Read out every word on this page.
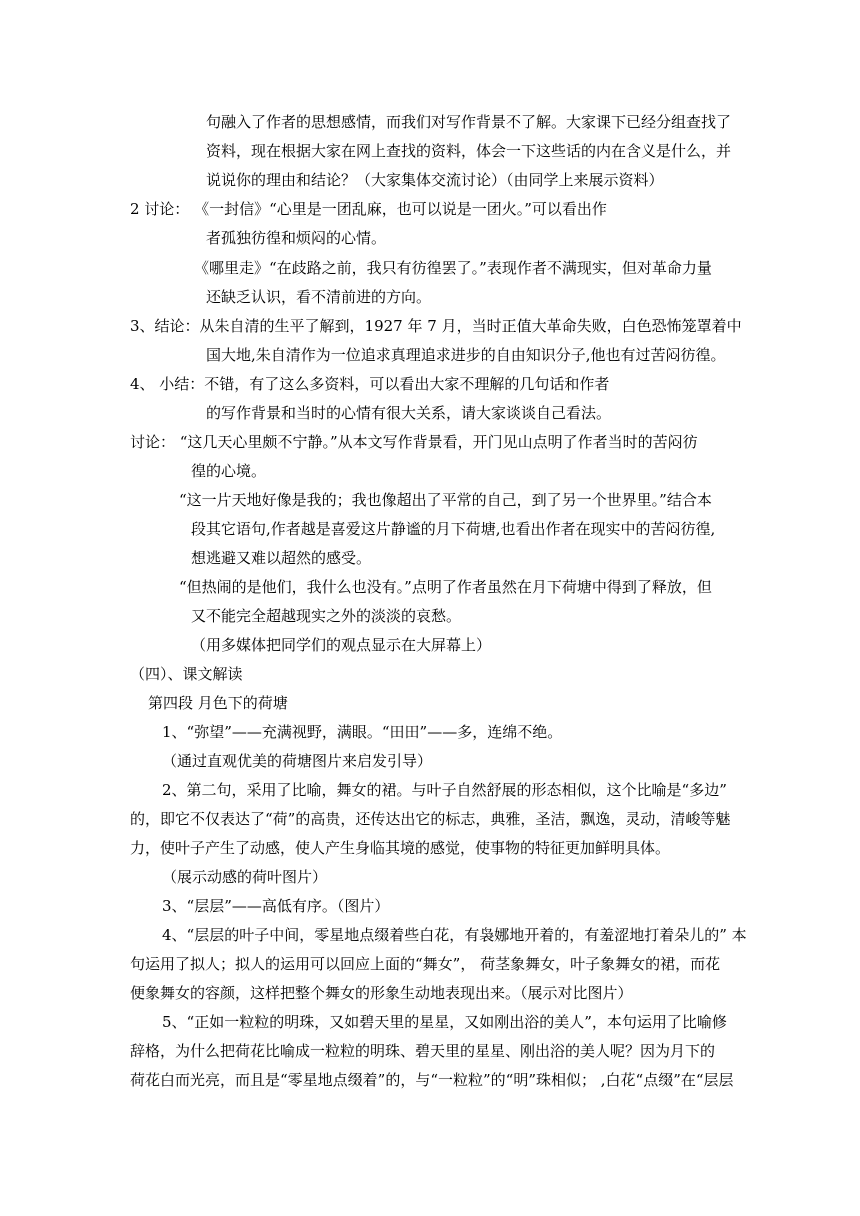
句融入了作者的思想感情，而我们对写作背景不了解。大家课下已经分组查找了
资料，现在根据大家在网上查找的资料，体会一下这些话的内在含义是什么，并
说说你的理由和结论？（大家集体交流讨论）（由同学上来展示资料）
2 讨论： 《一封信》“心里是一团乱麻，也可以说是一团火。”可以看出作
者孤独彷徨和烦闷的心情。
《哪里走》“在歧路之前，我只有彷徨罢了。”表现作者不满现实，但对革命力量
还缺乏认识，看不清前进的方向。
3、结论：从朱自清的生平了解到，1927 年 7 月，当时正值大革命失败，白色恐怖笼罩着中
国大地,朱自清作为一位追求真理追求进步的自由知识分子,他也有过苦闷彷徨。
4、 小结：不错，有了这么多资料，可以看出大家不理解的几句话和作者
的写作背景和当时的心情有很大关系，请大家谈谈自己看法。
讨论： “这几天心里颇不宁静。”从本文写作背景看，开门见山点明了作者当时的苦闷彷
徨的心境。
“这一片天地好像是我的；我也像超出了平常的自己，到了另一个世界里。”结合本
段其它语句,作者越是喜爱这片静谧的月下荷塘,也看出作者在现实中的苦闷彷徨,
想逃避又难以超然的感受。
“但热闹的是他们，我什么也没有。”点明了作者虽然在月下荷塘中得到了释放，但
又不能完全超越现实之外的淡淡的哀愁。
（用多媒体把同学们的观点显示在大屏幕上）
（四）、课文解读
第四段 月色下的荷塘
1、“弥望”——充满视野，满眼。“田田”——多，连绵不绝。
（通过直观优美的荷塘图片来启发引导）
2、第二句，采用了比喻，舞女的裙。与叶子自然舒展的形态相似，这个比喻是“多边”
的，即它不仅表达了“荷”的高贵，还传达出它的标志，典雅，圣洁，飘逸，灵动，清峻等魅
力，使叶子产生了动感，使人产生身临其境的感觉，使事物的特征更加鲜明具体。
（展示动感的荷叶图片）
3、“层层”——高低有序。（图片）
4、“层层的叶子中间，零星地点缀着些白花，有袅娜地开着的，有羞涩地打着朵儿的” 本
句运用了拟人；拟人的运用可以回应上面的“舞女”， 荷茎象舞女，叶子象舞女的裙，而花
便象舞女的容颜，这样把整个舞女的形象生动地表现出来。（展示对比图片）
5、“正如一粒粒的明珠，又如碧天里的星星，又如刚出浴的美人”，本句运用了比喻修
辞格，为什么把荷花比喻成一粒粒的明珠、碧天里的星星、刚出浴的美人呢？因为月下的
荷花白而光亮，而且是“零星地点缀着”的，与“一粒粒”的“明”珠相似； ,白花“点缀”在“层层
